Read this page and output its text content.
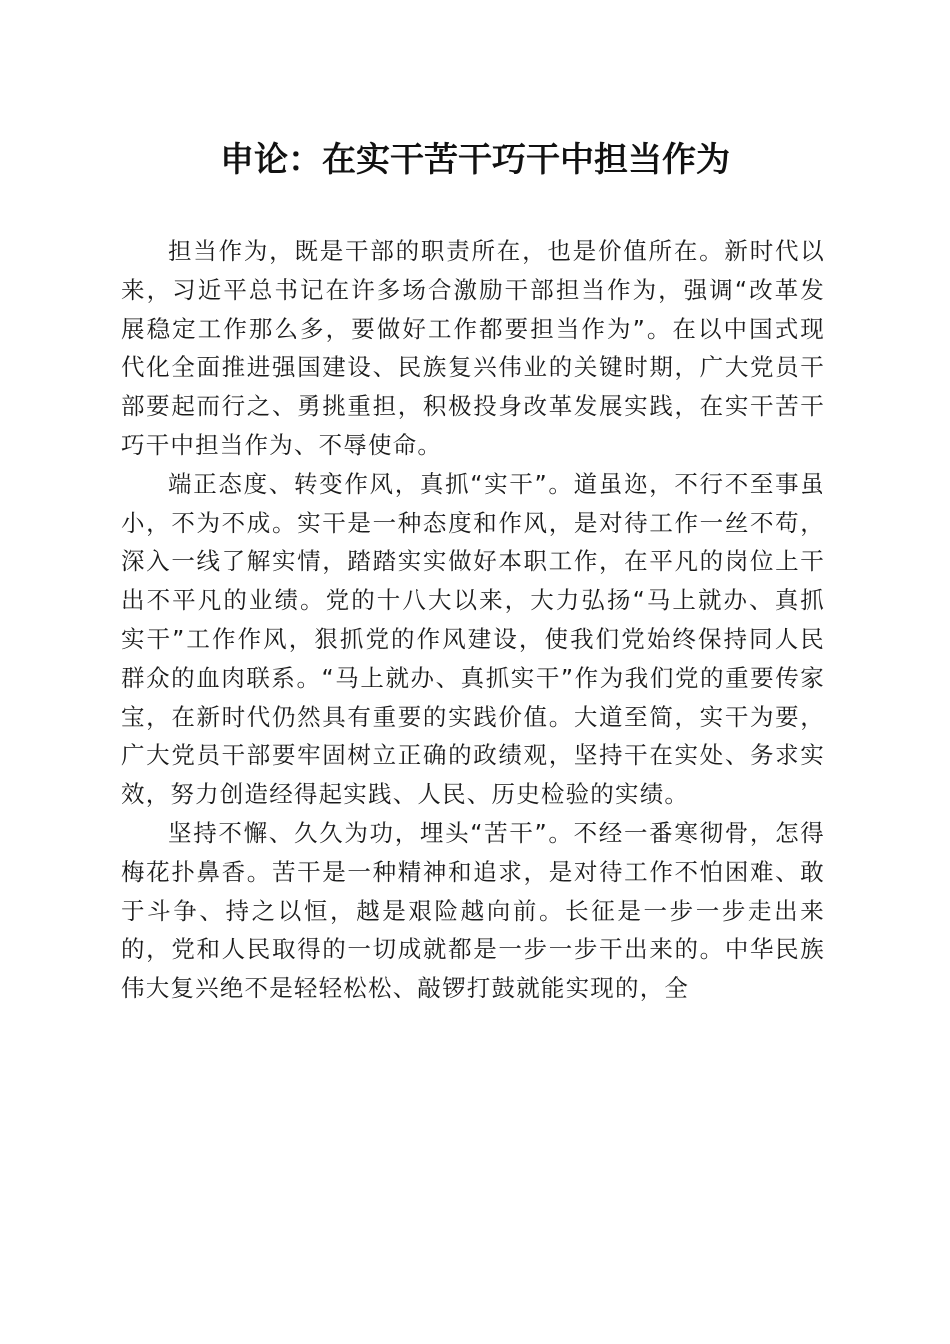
申论：在实干苦干巧干中担当作为

担当作为，既是干部的职责所在，也是价值所在。新时代以来，习近平总书记在许多场合激励干部担当作为，强调“改革发展稳定工作那么多，要做好工作都要担当作为”。在以中国式现代化全面推进强国建设、民族复兴伟业的关键时期，广大党员干部要起而行之、勇挑重担，积极投身改革发展实践，在实干苦干巧干中担当作为、不辱使命。

端正态度、转变作风，真抓“实干”。道虽迩，不行不至事虽小，不为不成。实干是一种态度和作风，是对待工作一丝不苟，深入一线了解实情，踏踏实实做好本职工作，在平凡的岗位上干出不平凡的业绩。党的十八大以来，大力弘扬“马上就办、真抓实干”工作作风，狠抓党的作风建设，使我们党始终保持同人民群众的血肉联系。“马上就办、真抓实干”作为我们党的重要传家宝，在新时代仍然具有重要的实践价值。大道至简，实干为要，广大党员干部要牢固树立正确的政绩观，坚持干在实处、务求实效，努力创造经得起实践、人民、历史检验的实绩。

坚持不懈、久久为功，埋头“苦干”。不经一番寒彻骨，怎得梅花扑鼻香。苦干是一种精神和追求，是对待工作不怕困难、敢于斗争、持之以恒，越是艰险越向前。长征是一步一步走出来的，党和人民取得的一切成就都是一步一步干出来的。中华民族伟大复兴绝不是轻轻松松、敲锣打鼓就能实现的，全
